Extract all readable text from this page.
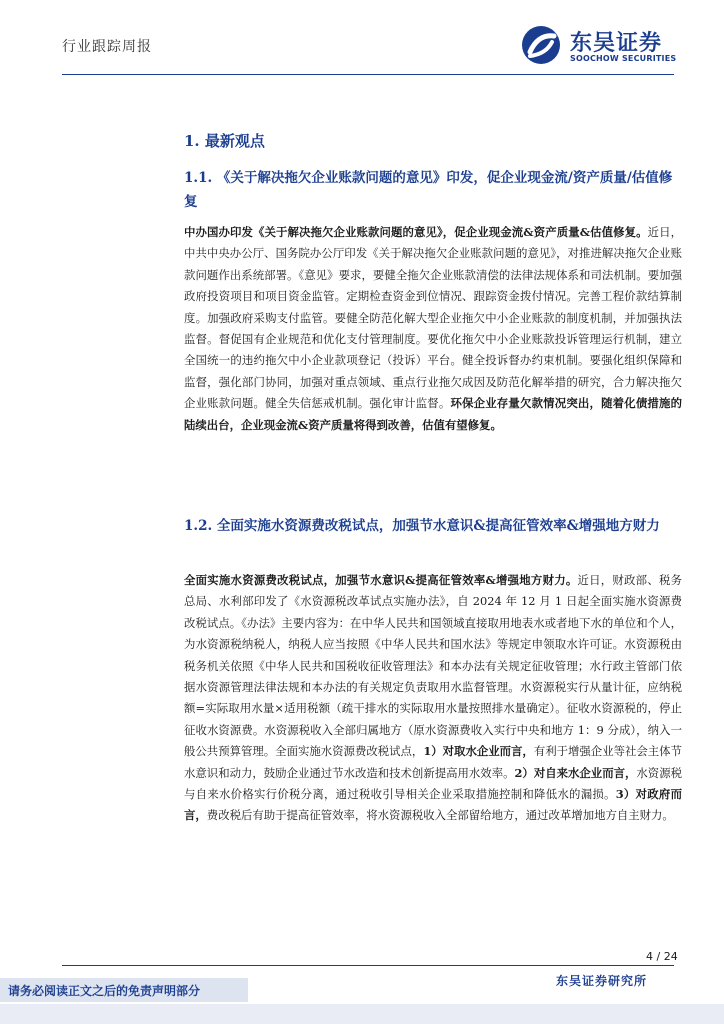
行业跟踪周报	东吴证券
SOOCHOW SECURITIES
1. 最新观点
1.1. 《关于解决拖欠企业账款问题的意见》印发，促企业现金流/资产质量/估值修复
中办国办印发《关于解决拖欠企业账款问题的意见》，促企业现金流&资产质量&估值修复。近日，中共中央办公厅、国务院办公厅印发《关于解决拖欠企业账款问题的意见》，对推进解决拖欠企业账款问题作出系统部署。《意见》要求，要健全拖欠企业账款清偿的法律法规体系和司法机制。要加强政府投资项目和项目资金监管。定期检查资金到位情况、跟踪资金拨付情况。完善工程价款结算制度。加强政府采购支付监管。要健全防范化解大型企业拖欠中小企业账款的制度机制，并加强执法监督。督促国有企业规范和优化支付管理制度。要优化拖欠中小企业账款投诉管理运行机制，建立全国统一的违约拖欠中小企业款项登记（投诉）平台。健全投诉督办约束机制。要强化组织保障和监督，强化部门协同，加强对重点领域、重点行业拖欠成因及防范化解举措的研究，合力解决拖欠企业账款问题。健全失信惩戒机制。强化审计监督。环保企业存量欠款情况突出，随着化债措施的陆续出台，企业现金流&资产质量将得到改善，估值有望修复。
1.2. 全面实施水资源费改税试点，加强节水意识&提高征管效率&增强地方财力
全面实施水资源费改税试点，加强节水意识&提高征管效率&增强地方财力。近日，财政部、税务总局、水利部印发了《水资源税改革试点实施办法》，自 2024 年 12 月 1 日起全面实施水资源费改税试点。《办法》主要内容为：在中华人民共和国领域直接取用地表水或者地下水的单位和个人，为水资源税纳税人，纳税人应当按照《中华人民共和国水法》等规定申领取水许可证。水资源税由税务机关依照《中华人民共和国税收征收管理法》和本办法有关规定征收管理；水行政主管部门依据水资源管理法律法规和本办法的有关规定负责取用水监督管理。水资源税实行从量计征，应纳税额=实际取用水量×适用税额（疏干排水的实际取用水量按照排水量确定）。征收水资源税的，停止征收水资源费。水资源税收入全部归属地方（原水资源费收入实行中央和地方 1：9 分成），纳入一般公共预算管理。全面实施水资源费改税试点，1）对取水企业而言，有利于增强企业等社会主体节水意识和动力，鼓励企业通过节水改造和技术创新提高用水效率。2）对自来水企业而言，水资源税与自来水价格实行价税分离，通过税收引导相关企业采取措施控制和降低水的漏损。3）对政府而言，费改税后有助于提高征管效率，将水资源税收入全部留给地方，通过改革增加地方自主财力。
4 / 24
东吴证券研究所
请务必阅读正文之后的免责声明部分
